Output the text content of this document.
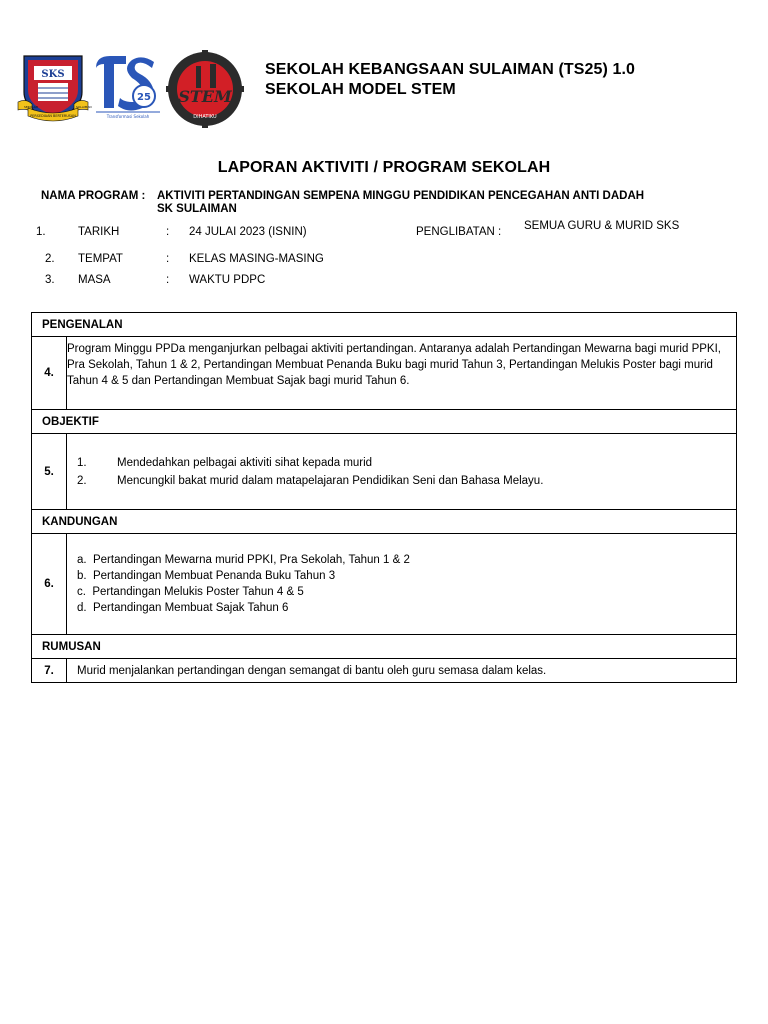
SKS
PERSEDIAAN BERTERUSAN
SEKOLAH	SULAIMAN
25
Transformasi Sekolah
STEM
DIHATIKU
SEKOLAH KEBANGSAAN SULAIMAN (TS25) 1.0
SEKOLAH MODEL STEM
LAPORAN AKTIVITI / PROGRAM SEKOLAH
NAMA PROGRAM : AKTIVITI PERTANDINGAN SEMPENA MINGGU PENDIDIKAN PENCEGAHAN ANTI DADAH
SK SULAIMAN
1.	TARIKH	: 24 JULAI 2023 (ISNIN)	PENGLIBATAN : SEMUA GURU & MURID SKS
2. TEMPAT	: KELAS MASING-MASING
3. MASA	: WAKTU PDPC
PENGENALAN	
4.	Program Minggu PPDa menganjurkan pelbagai aktiviti pertandingan. Antaranya adalah Pertandingan Mewarna bagi murid PPKI, Pra Sekolah, Tahun 1 & 2, Pertandingan Membuat Penanda Buku bagi murid Tahun 3, Pertandingan Melukis Poster bagi murid Tahun 4 & 5 dan Pertandingan Membuat Sajak bagi murid Tahun 6.
OBJEKTIF	
5.	1. Mendedahkan pelbagai aktiviti sihat kepada murid
2. Mencungkil bakat murid dalam matapelajaran Pendidikan Seni dan Bahasa Melayu.

KANDUNGAN	
6.	a.  Pertandingan Mewarna murid PPKI, Pra Sekolah, Tahun 1 & 2
b.  Pertandingan Membuat Penanda Buku Tahun 3
c.  Pertandingan Melukis Poster Tahun 4 & 5
d.  Pertandingan Membuat Sajak Tahun 6

RUMUSAN	
7.	Murid menjalankan pertandingan dengan semangat di bantu oleh guru semasa dalam kelas.
